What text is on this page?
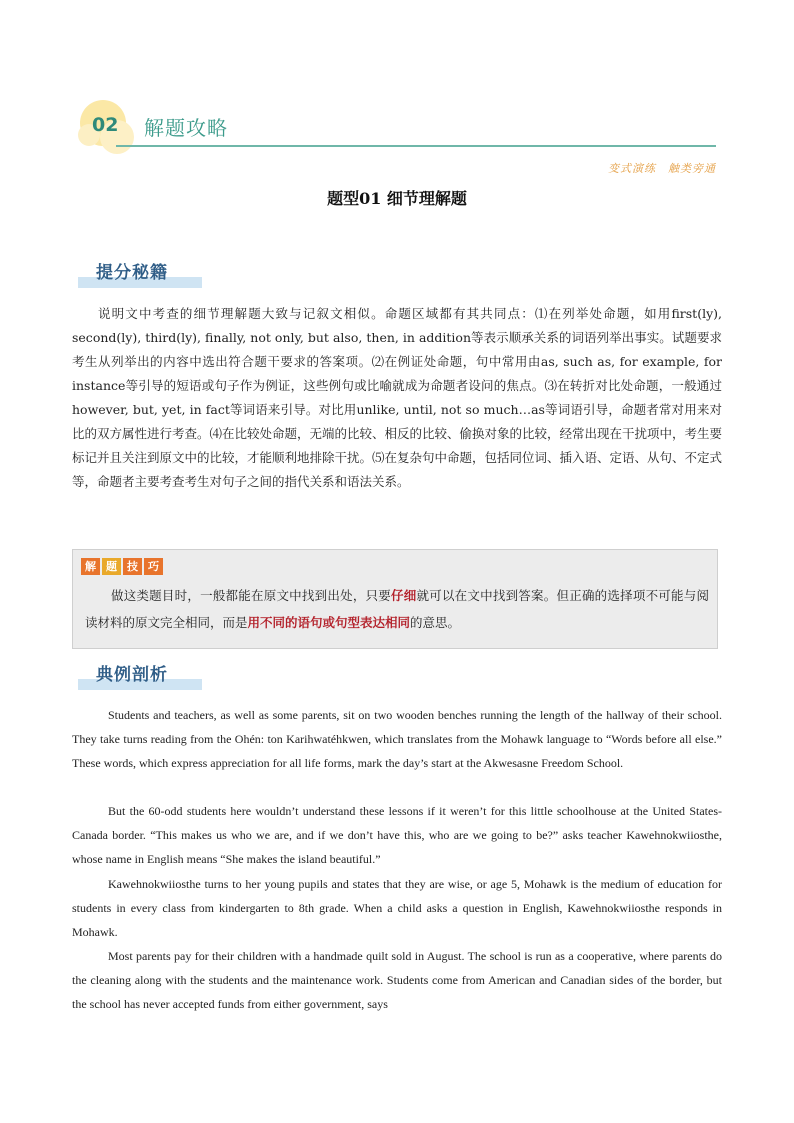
02 解题攻略
变式演练　触类旁通
题型01 细节理解题
提分秘籍
说明文中考查的细节理解题大致与记叙文相似。命题区域都有其共同点：⑴在列举处命题，如用first(ly), second(ly), third(ly), finally, not only, but also, then, in addition等表示顺承关系的词语列举出事实。试题要求考生从列举出的内容中选出符合题干要求的答案项。⑵在例证处命题，句中常用由as, such as, for example, for instance等引导的短语或句子作为例证，这些例句或比喻就成为命题者设问的焦点。⑶在转折对比处命题，一般通过however, but, yet, in fact等词语来引导。对比用unlike, until, not so much…as等词语引导，命题者常对用来对比的双方属性进行考查。⑷在比较处命题，无端的比较、相反的比较、偷换对象的比较，经常出现在干扰项中，考生要标记并且关注到原文中的比较，才能顺利地排除干扰。⑸在复杂句中命题，包括同位词、插入语、定语、从句、不定式等，命题者主要考查考生对句子之间的指代关系和语法关系。
解 题 技 巧
做这类题目时，一般都能在原文中找到出处，只要仔细就可以在文中找到答案。但正确的选择项不可能与阅读材料的原文完全相同，而是用不同的语句或句型表达相同的意思。
典例剖析
Students and teachers, as well as some parents, sit on two wooden benches running the length of the hallway of their school. They take turns reading from the Ohén: ton Karihwatéhkwen, which translates from the Mohawk language to “Words before all else.” These words, which express appreciation for all life forms, mark the day’s start at the Akwesasne Freedom School.
But the 60-odd students here wouldn’t understand these lessons if it weren’t for this little schoolhouse at the United States-Canada border. “This makes us who we are, and if we don’t have this, who are we going to be?” asks teacher Kawehnokwiiosthe, whose name in English means “She makes the island beautiful.”
Kawehnokwiiosthe turns to her young pupils and states that they are wise, or age 5, Mohawk is the medium of education for students in every class from kindergarten to 8th grade. When a child asks a question in English, Kawehnokwiiosthe responds in Mohawk.
Most parents pay for their children with a handmade quilt sold in August. The school is run as a cooperative, where parents do the cleaning along with the students and the maintenance work. Students come from American and Canadian sides of the border, but the school has never accepted funds from either government, says
